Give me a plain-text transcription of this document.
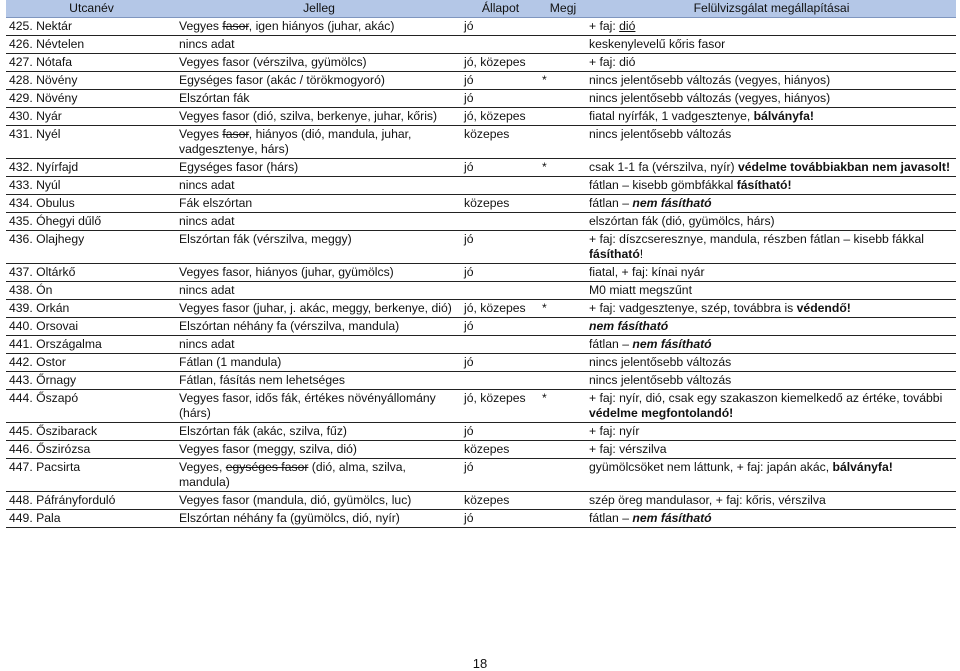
Utcanév	Jelleg	Állapot	Megj	Felülvizsgálat megállapításai
425. Nektár	Vegyes fasor, igen hiányos (juhar, akác)	jó		+ faj: dió
426. Névtelen	nincs adat			keskenylevelű kőris fasor
427. Nótafa	Vegyes fasor (vérszilva, gyümölcs)	jó, közepes		+ faj: dió
428. Növény	Egységes fasor (akác / törökmogyoró)	jó	*	nincs jelentősebb változás (vegyes, hiányos)
429. Növény	Elszórtan fák	jó		nincs jelentősebb változás (vegyes, hiányos)
430. Nyár	Vegyes fasor (dió, szilva, berkenye, juhar, kőris)	jó, közepes		fiatal nyírfák, 1 vadgesztenye, bálványfa!
431. Nyél	Vegyes fasor, hiányos (dió, mandula, juhar, vadgesztenye, hárs)	közepes		nincs jelentősebb változás
432. Nyírfajd	Egységes fasor (hárs)	jó	*	csak 1-1 fa (vérszilva, nyír) védelme továbbiakban nem javasolt!
433. Nyúl	nincs adat			fátlan – kisebb gömbfákkal fásítható!
434. Obulus	Fák elszórtan	közepes		fátlan – nem fásítható
435. Óhegyi dűlő	nincs adat			elszórtan fák (dió, gyümölcs, hárs)
436. Olajhegy	Elszórtan fák (vérszilva, meggy)	jó		+ faj: díszcseresznye, mandula, részben fátlan – kisebb fákkal fásítható!
437. Oltárkő	Vegyes fasor, hiányos (juhar, gyümölcs)	jó		fiatal, + faj: kínai nyár
438. Ón	nincs adat			M0 miatt megszűnt
439. Orkán	Vegyes fasor (juhar, j. akác, meggy, berkenye, dió)	jó, közepes	*	+ faj: vadgesztenye, szép, továbbra is védendő!
440. Orsovai	Elszórtan néhány fa (vérszilva, mandula)	jó		nem fásítható
441. Országalma	nincs adat			fátlan – nem fásítható
442. Ostor	Fátlan (1 mandula)	jó		nincs jelentősebb változás
443. Őrnagy	Fátlan, fásítás nem lehetséges			nincs jelentősebb változás
444. Őszapó	Vegyes fasor, idős fák, értékes növényállomány (hárs)	jó, közepes	*	+ faj: nyír, dió, csak egy szakaszon kiemelkedő az értéke, további védelme megfontolandó!
445. Őszibarack	Elszórtan fák (akác, szilva, fűz)	jó		+ faj: nyír
446. Őszirózsa	Vegyes fasor (meggy, szilva, dió)	közepes		+ faj: vérszilva
447. Pacsirta	Vegyes, egységes fasor (dió, alma, szilva, mandula)	jó		gyümölcsöket nem láttunk, + faj: japán akác, bálványfa!
448. Páfrányforduló	Vegyes fasor (mandula, dió, gyümölcs, luc)	közepes		szép öreg mandulasor, + faj: kőris, vérszilva
449. Pala	Elszórtan néhány fa (gyümölcs, dió, nyír)	jó		fátlan – nem fásítható
18
